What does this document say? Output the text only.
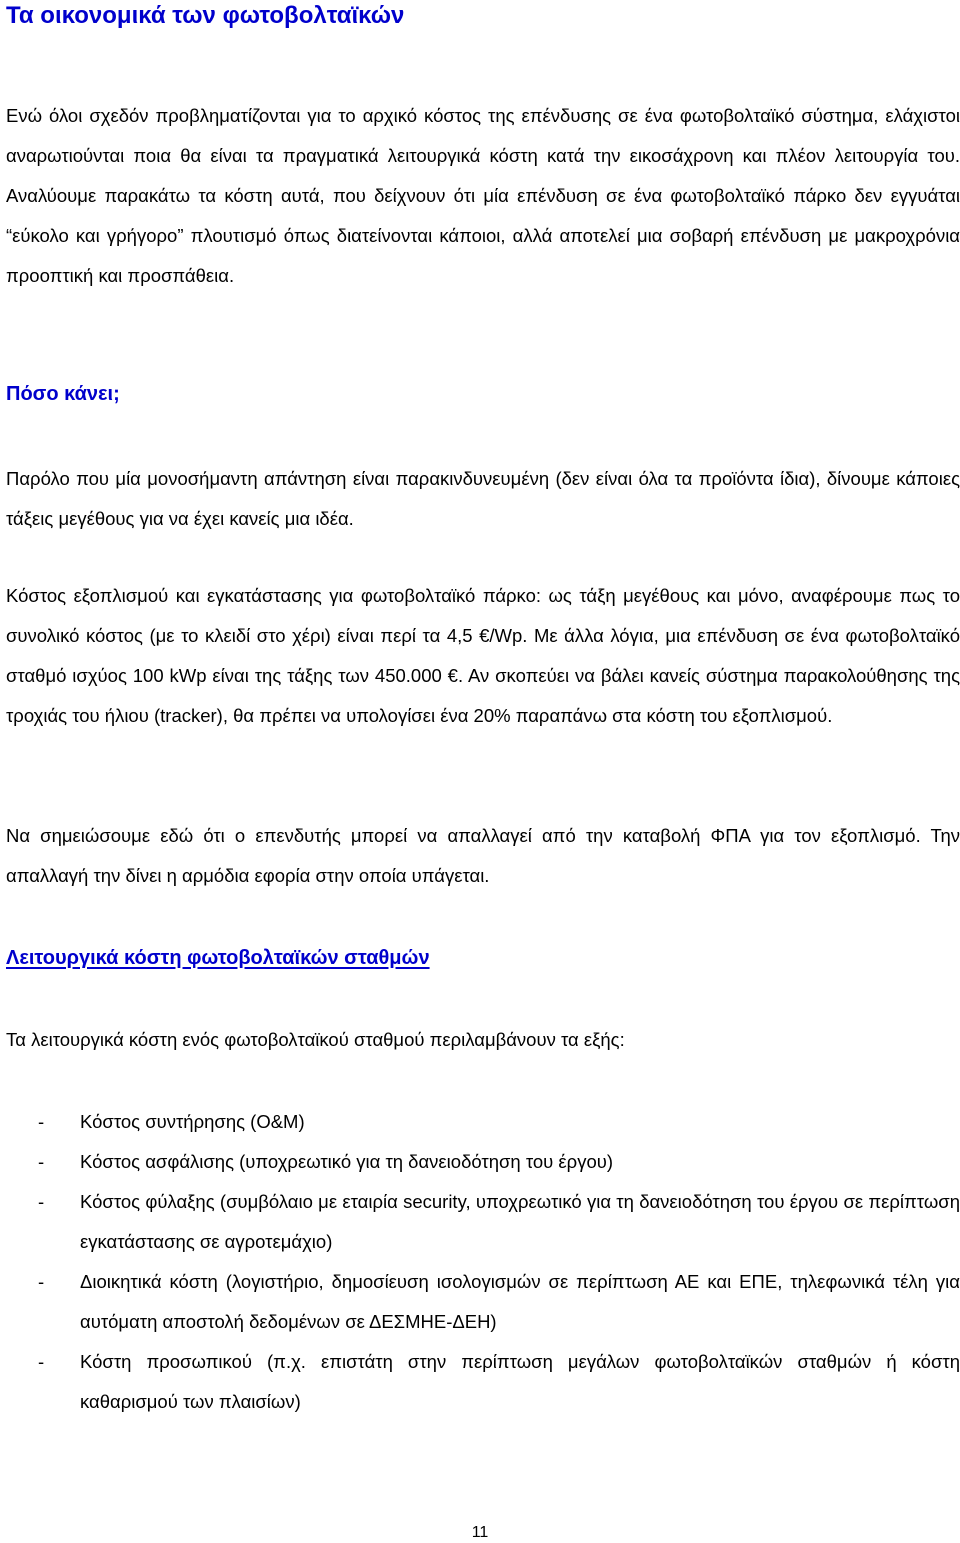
Τα οικονομικά των φωτοβολταϊκών

Ενώ όλοι σχεδόν προβληματίζονται για το αρχικό κόστος της επένδυσης σε ένα φωτοβολταϊκό σύστημα, ελάχιστοι αναρωτιούνται ποια θα είναι τα πραγματικά λειτουργικά κόστη κατά την εικοσάχρονη και πλέον λειτουργία του. Αναλύουμε παρακάτω τα κόστη αυτά, που δείχνουν ότι μία επένδυση σε ένα φωτοβολταϊκό πάρκο δεν εγγυάται “εύκολο και γρήγορο” πλουτισμό όπως διατείνονται κάποιοι, αλλά αποτελεί μια σοβαρή επένδυση με μακροχρόνια προοπτική και προσπάθεια.

Πόσο κάνει;

Παρόλο που μία μονοσήμαντη απάντηση είναι παρακινδυνευμένη (δεν είναι όλα τα προϊόντα ίδια), δίνουμε κάποιες τάξεις μεγέθους για να έχει κανείς μια ιδέα.

Κόστος εξοπλισμού και εγκατάστασης για φωτοβολταϊκό πάρκο: ως τάξη μεγέθους και μόνο, αναφέρουμε πως το συνολικό κόστος (με το κλειδί στο χέρι) είναι περί τα 4,5 €/Wp. Με άλλα λόγια, μια επένδυση σε ένα φωτοβολταϊκό σταθμό ισχύος 100 kWp είναι της τάξης των 450.000 €. Αν σκοπεύει να βάλει κανείς σύστημα παρακολούθησης της τροχιάς του ήλιου (tracker), θα πρέπει να υπολογίσει ένα 20% παραπάνω στα κόστη του εξοπλισμού.

Να σημειώσουμε εδώ ότι ο επενδυτής μπορεί να απαλλαγεί από την καταβολή ΦΠΑ για τον εξοπλισμό. Την απαλλαγή την δίνει η αρμόδια εφορία στην οποία υπάγεται.

Λειτουργικά κόστη φωτοβολταϊκών σταθμών

Τα λειτουργικά κόστη ενός φωτοβολταϊκού σταθμού περιλαμβάνουν τα εξής:

- Κόστος συντήρησης (O&M)
- Κόστος ασφάλισης (υποχρεωτικό για τη δανειοδότηση του έργου)
- Κόστος φύλαξης (συμβόλαιο με εταιρία security, υποχρεωτικό για τη δανειοδότηση του έργου σε περίπτωση εγκατάστασης σε αγροτεμάχιο)
- Διοικητικά κόστη (λογιστήριο, δημοσίευση ισολογισμών σε περίπτωση ΑΕ και ΕΠΕ, τηλεφωνικά τέλη για αυτόματη αποστολή δεδομένων σε ΔΕΣΜΗΕ-ΔΕΗ)
- Κόστη προσωπικού (π.χ. επιστάτη στην περίπτωση μεγάλων φωτοβολταϊκών σταθμών ή κόστη καθαρισμού των πλαισίων)

11
